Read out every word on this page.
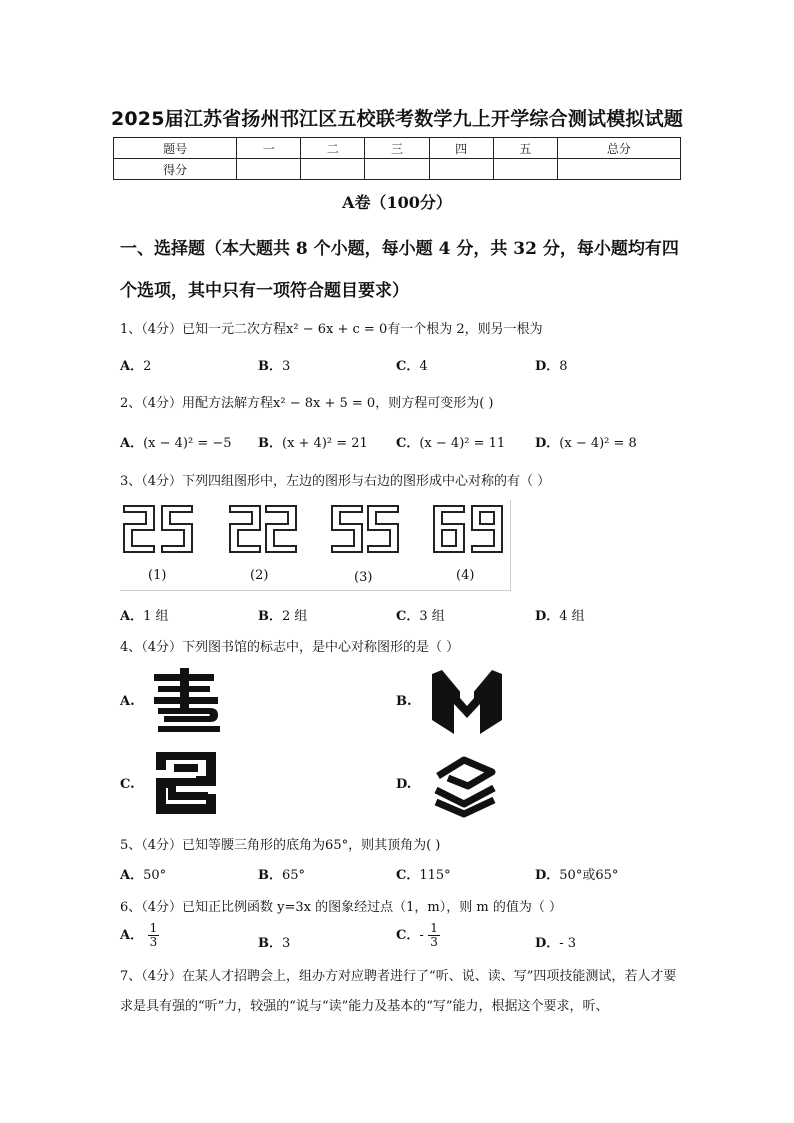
2025届江苏省扬州邗江区五校联考数学九上开学综合测试模拟试题
题号	一	二	三	四	五	总分
得分						
A卷（100分）
一、选择题（本大题共 8 个小题，每小题 4 分，共 32 分，每小题均有四个选项，其中只有一项符合题目要求）
1、（4分）已知一元二次方程x² − 6x + c = 0有一个根为 2，则另一根为
A．2	B．3	C．4	D．8
2、（4分）用配方法解方程x² − 8x + 5 = 0，则方程可变形为( )
A．(x − 4)² = −5 B．(x + 4)² = 21 C．(x − 4)² = 11 D．(x − 4)² = 8
3、（4分）下列四组图形中，左边的图形与右边的图形成中心对称的有（ ）
(1)	(2)	(3)	(4)
A．1 组	B．2 组	C．3 组	D．4 组
4、（4分）下列图书馆的标志中，是中心对称图形的是（ ）
A.	B.
C.	D.
5、（4分）已知等腰三角形的底角为65°，则其顶角为( )
A．50°	B．65°	C．115°	D．50°或65°
6、（4分）已知正比例函数 y=3x 的图象经过点（1，m），则 m 的值为（ ）
A． $\frac{1}{3}$	B．3
C．- $\frac{1}{3}$	D．- 3
7、（4分）在某人才招聘会上，组办方对应聘者进行了“听、说、读、写”四项技能测试，若人才要求是具有强的“听”力，较强的“说与“读”能力及基本的“写”能力，根据这个要求，听、
